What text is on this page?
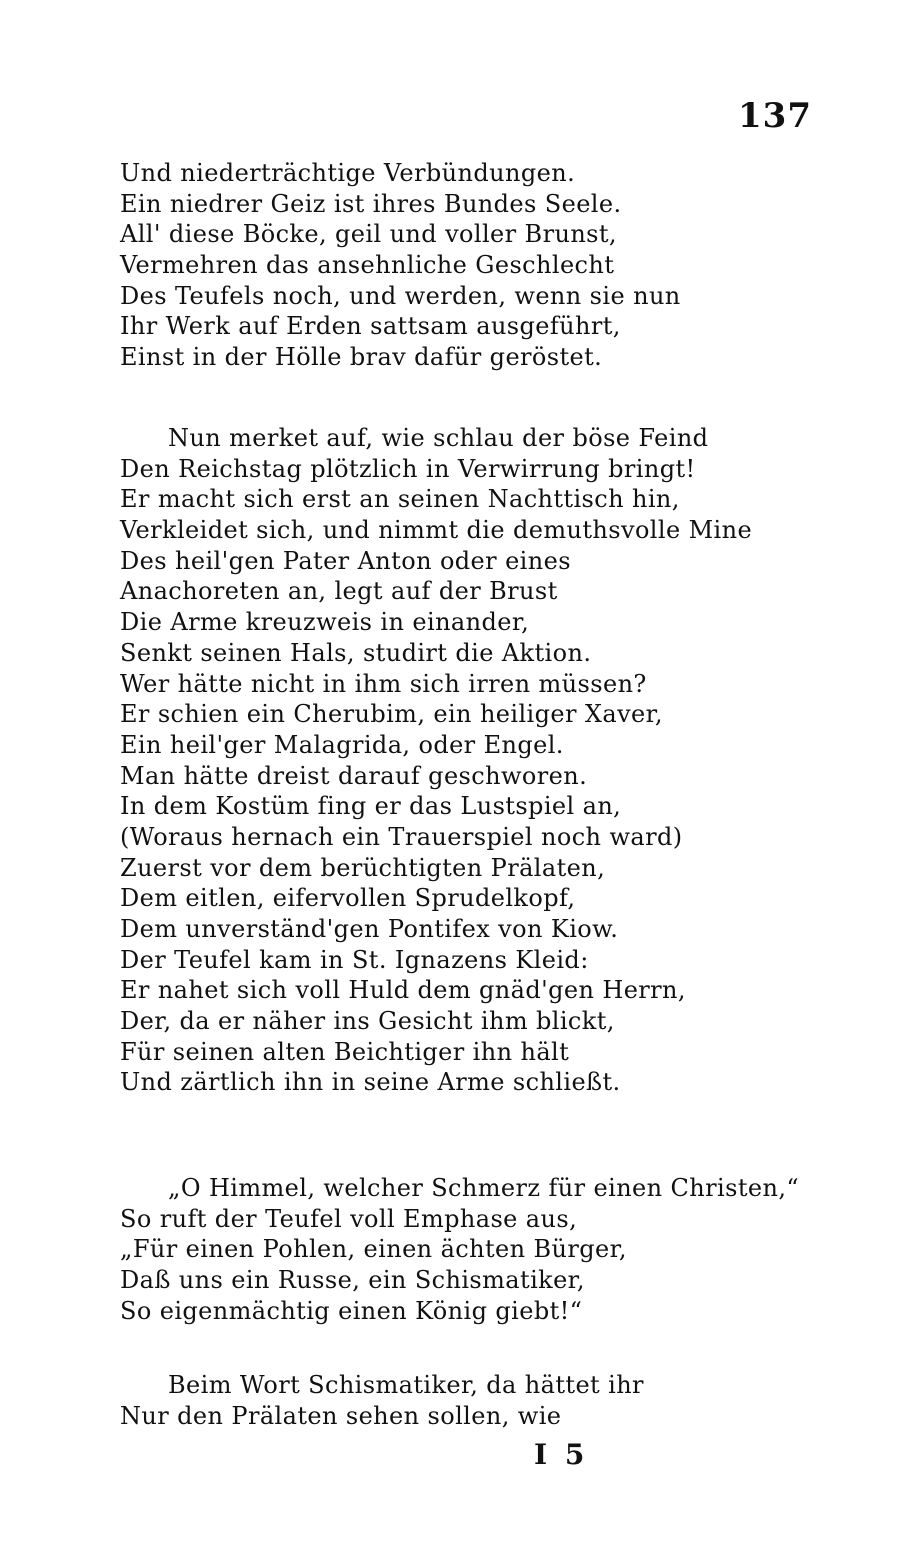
137
Und niederträchtige Verbündungen.
Ein niedrer Geiz ist ihres Bundes Seele.
All' diese Böcke, geil und voller Brunst,
Vermehren das ansehnliche Geschlecht
Des Teufels noch, und werden, wenn sie nun
Ihr Werk auf Erden sattsam ausgeführt,
Einst in der Hölle brav dafür geröstet.
Nun merket auf, wie schlau der böse Feind
Den Reichstag plötzlich in Verwirrung bringt!
Er macht sich erst an seinen Nachttisch hin,
Verkleidet sich, und nimmt die demuthsvolle Mine
Des heil'gen Pater Anton oder eines
Anachoreten an, legt auf der Brust
Die Arme kreuzweis in einander,
Senkt seinen Hals, studirt die Aktion.
Wer hätte nicht in ihm sich irren müssen?
Er schien ein Cherubim, ein heiliger Xaver,
Ein heil'ger Malagrida, oder Engel.
Man hätte dreist darauf geschworen.
In dem Kostüm fing er das Lustspiel an,
(Woraus hernach ein Trauerspiel noch ward)
Zuerst vor dem berüchtigten Prälaten,
Dem eitlen, eifervollen Sprudelkopf,
Dem unverständ'gen Pontifex von Kiow.
Der Teufel kam in St. Ignazens Kleid:
Er nahet sich voll Huld dem gnäd'gen Herrn,
Der, da er näher ins Gesicht ihm blickt,
Für seinen alten Beichtiger ihn hält
Und zärtlich ihn in seine Arme schließt.
„O Himmel, welcher Schmerz für einen Christen,“
So ruft der Teufel voll Emphase aus,
„Für einen Pohlen, einen ächten Bürger,
Daß uns ein Russe, ein Schismatiker,
So eigenmächtig einen König giebt!“
Beim Wort Schismatiker, da hättet ihr
Nur den Prälaten sehen sollen, wie
I 5
